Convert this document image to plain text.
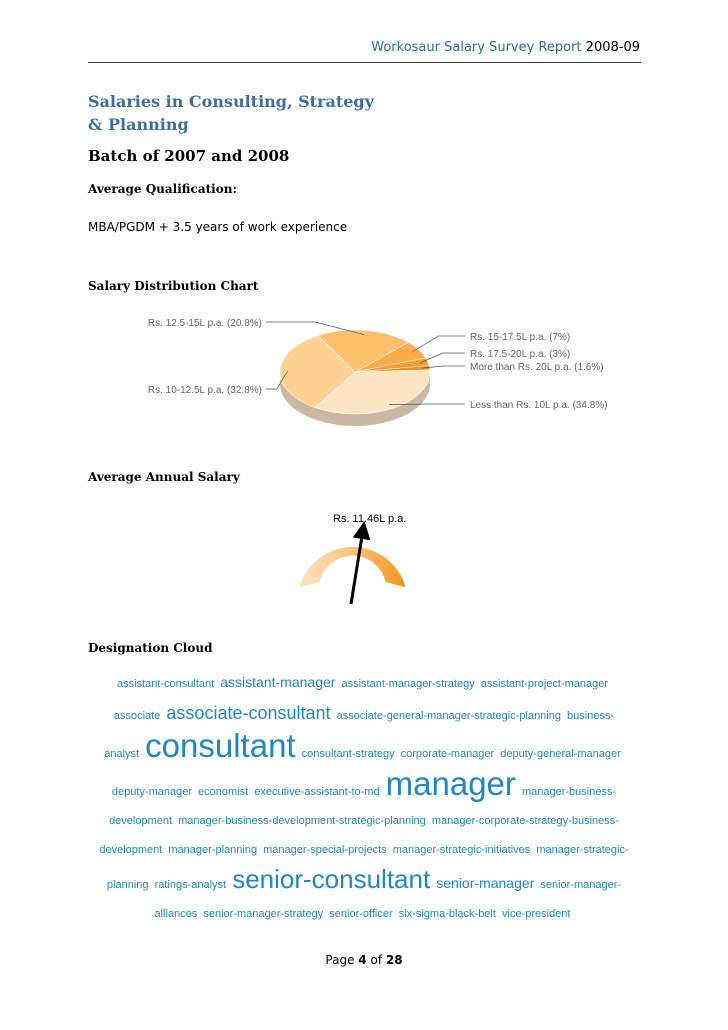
Workosaur Salary Survey Report 2008-09
Salaries in Consulting, Strategy
& Planning
Batch of 2007 and 2008
Average Qualification:
MBA/PGDM + 3.5 years of work experience
Salary Distribution Chart
Less than Rs. 10L p.a. (34.8%)
Rs. 10-12.5L p.a. (32.8%)
Rs. 12.5-15L p.a. (20.8%)
Rs. 15-17.5L p.a. (7%)
Rs. 17.5-20L p.a. (3%)
More than Rs. 20L p.a. (1.6%)
Average Annual Salary
Rs. 11.46L p.a.
Designation Cloud
assistant-consultant assistant-manager assistant-manager-strategy assistant-project-manager associate associate-consultant associate-general-manager-strategic-planning business-analyst consultant consultant-strategy corporate-manager deputy-general-manager deputy-manager economist executive-assistant-to-md manager manager-business-development manager-business-development-strategic-planning manager-corporate-strategy-business-development manager-planning manager-special-projects manager-strategic-initiatives manager-strategic-planning ratings-analyst senior-consultant senior-manager senior-manager-alliances senior-manager-strategy senior-officer six-sigma-black-belt vice-president
Page 4 of 28
